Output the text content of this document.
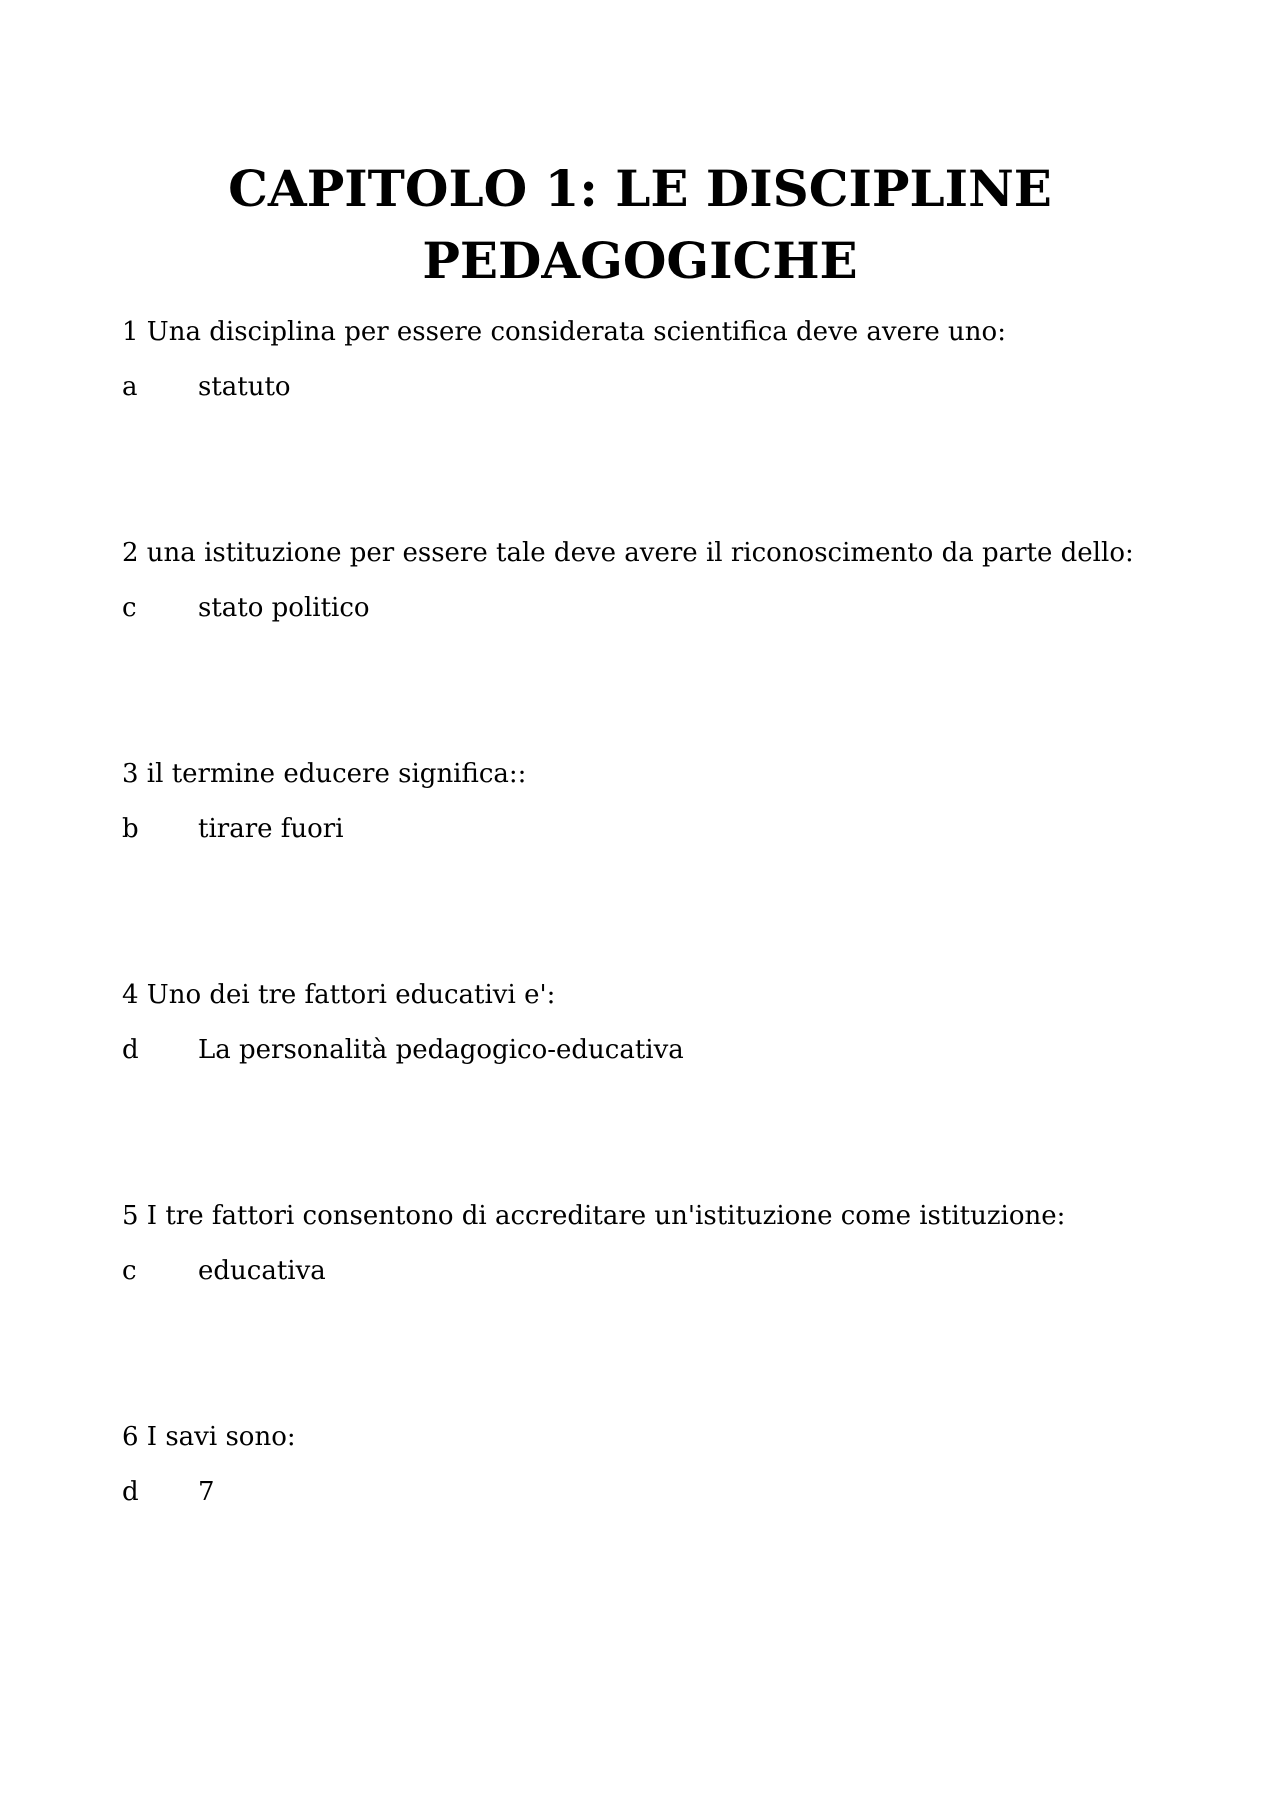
CAPITOLO 1: LE DISCIPLINE
PEDAGOGICHE

1 Una disciplina per essere considerata scientifica deve avere uno:

a statuto

2 una istituzione per essere tale deve avere il riconoscimento da parte dello:

c stato politico

3 il termine educere significa::

b tirare fuori

4 Uno dei tre fattori educativi e':

d La personalità pedagogico-educativa

5 I tre fattori consentono di accreditare un'istituzione come istituzione:

c educativa

6 I savi sono:

d 7
